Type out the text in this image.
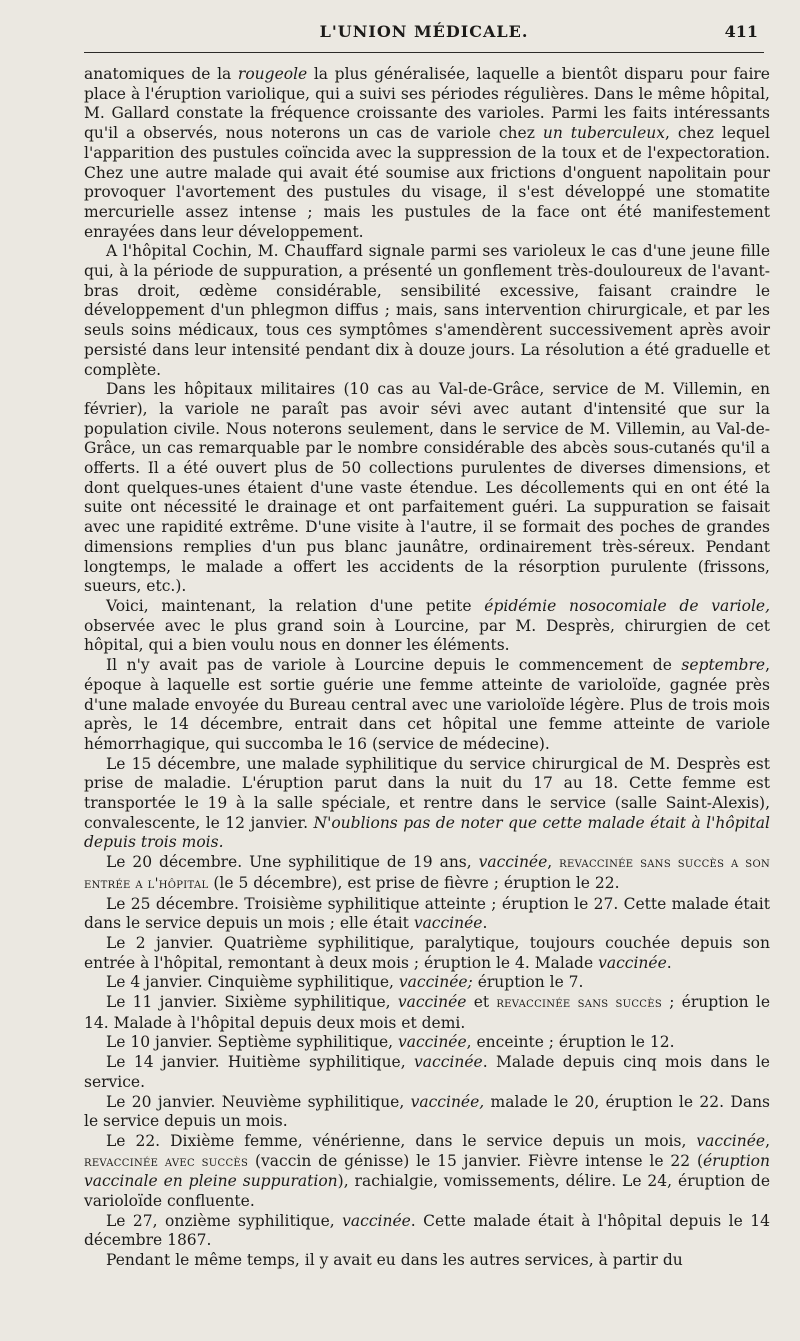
L'UNION MÉDICALE.	411

anatomiques de la rougeole la plus généralisée, laquelle a bientôt disparu pour faire place à l'éruption variolique, qui a suivi ses périodes régulières. Dans le même hôpital, M. Gallard constate la fréquence croissante des varioles. Parmi les faits intéressants qu'il a observés, nous noterons un cas de variole chez un tuberculeux, chez lequel l'apparition des pustules coïncida avec la suppression de la toux et de l'expectoration. Chez une autre malade qui avait été soumise aux frictions d'onguent napolitain pour provoquer l'avortement des pustules du visage, il s'est développé une stomatite mercurielle assez intense ; mais les pustules de la face ont été manifestement enrayées dans leur développement.

A l'hôpital Cochin, M. Chauffard signale parmi ses varioleux le cas d'une jeune fille qui, à la période de suppuration, a présenté un gonflement très-douloureux de l'avant-bras droit, œdème considérable, sensibilité excessive, faisant craindre le développement d'un phlegmon diffus ; mais, sans intervention chirurgicale, et par les seuls soins médicaux, tous ces symptômes s'amendèrent successivement après avoir persisté dans leur intensité pendant dix à douze jours. La résolution a été graduelle et complète.

Dans les hôpitaux militaires (10 cas au Val-de-Grâce, service de M. Villemin, en février), la variole ne paraît pas avoir sévi avec autant d'intensité que sur la population civile. Nous noterons seulement, dans le service de M. Villemin, au Val-de-Grâce, un cas remarquable par le nombre considérable des abcès sous-cutanés qu'il a offerts. Il a été ouvert plus de 50 collections purulentes de diverses dimensions, et dont quelques-unes étaient d'une vaste étendue. Les décollements qui en ont été la suite ont nécessité le drainage et ont parfaitement guéri. La suppuration se faisait avec une rapidité extrême. D'une visite à l'autre, il se formait des poches de grandes dimensions remplies d'un pus blanc jaunâtre, ordinairement très-séreux. Pendant longtemps, le malade a offert les accidents de la résorption purulente (frissons, sueurs, etc.).

Voici, maintenant, la relation d'une petite épidémie nosocomiale de variole, observée avec le plus grand soin à Lourcine, par M. Desprès, chirurgien de cet hôpital, qui a bien voulu nous en donner les éléments.

Il n'y avait pas de variole à Lourcine depuis le commencement de septembre, époque à laquelle est sortie guérie une femme atteinte de varioloïde, gagnée près d'une malade envoyée du Bureau central avec une varioloïde légère. Plus de trois mois après, le 14 décembre, entrait dans cet hôpital une femme atteinte de variole hémorrhagique, qui succomba le 16 (service de médecine).

Le 15 décembre, une malade syphilitique du service chirurgical de M. Desprès est prise de maladie. L'éruption parut dans la nuit du 17 au 18. Cette femme est transportée le 19 à la salle spéciale, et rentre dans le service (salle Saint-Alexis), convalescente, le 12 janvier. N'oublions pas de noter que cette malade était à l'hôpital depuis trois mois.

Le 20 décembre. Une syphilitique de 19 ans, vaccinée, revaccinée sans succès a son entrée a l'hôpital (le 5 décembre), est prise de fièvre ; éruption le 22.

Le 25 décembre. Troisième syphilitique atteinte ; éruption le 27. Cette malade était dans le service depuis un mois ; elle était vaccinée.

Le 2 janvier. Quatrième syphilitique, paralytique, toujours couchée depuis son entrée à l'hôpital, remontant à deux mois ; éruption le 4. Malade vaccinée.

Le 4 janvier. Cinquième syphilitique, vaccinée; éruption le 7.

Le 11 janvier. Sixième syphilitique, vaccinée et revaccinée sans succès ; éruption le 14. Malade à l'hôpital depuis deux mois et demi.

Le 10 janvier. Septième syphilitique, vaccinée, enceinte ; éruption le 12.

Le 14 janvier. Huitième syphilitique, vaccinée. Malade depuis cinq mois dans le service.

Le 20 janvier. Neuvième syphilitique, vaccinée, malade le 20, éruption le 22. Dans le service depuis un mois.

Le 22. Dixième femme, vénérienne, dans le service depuis un mois, vaccinée, revaccinée avec succès (vaccin de génisse) le 15 janvier. Fièvre intense le 22 (éruption vaccinale en pleine suppuration), rachialgie, vomissements, délire. Le 24, éruption de varioloïde confluente.

Le 27, onzième syphilitique, vaccinée. Cette malade était à l'hôpital depuis le 14 décembre 1867.

Pendant le même temps, il y avait eu dans les autres services, à partir du
